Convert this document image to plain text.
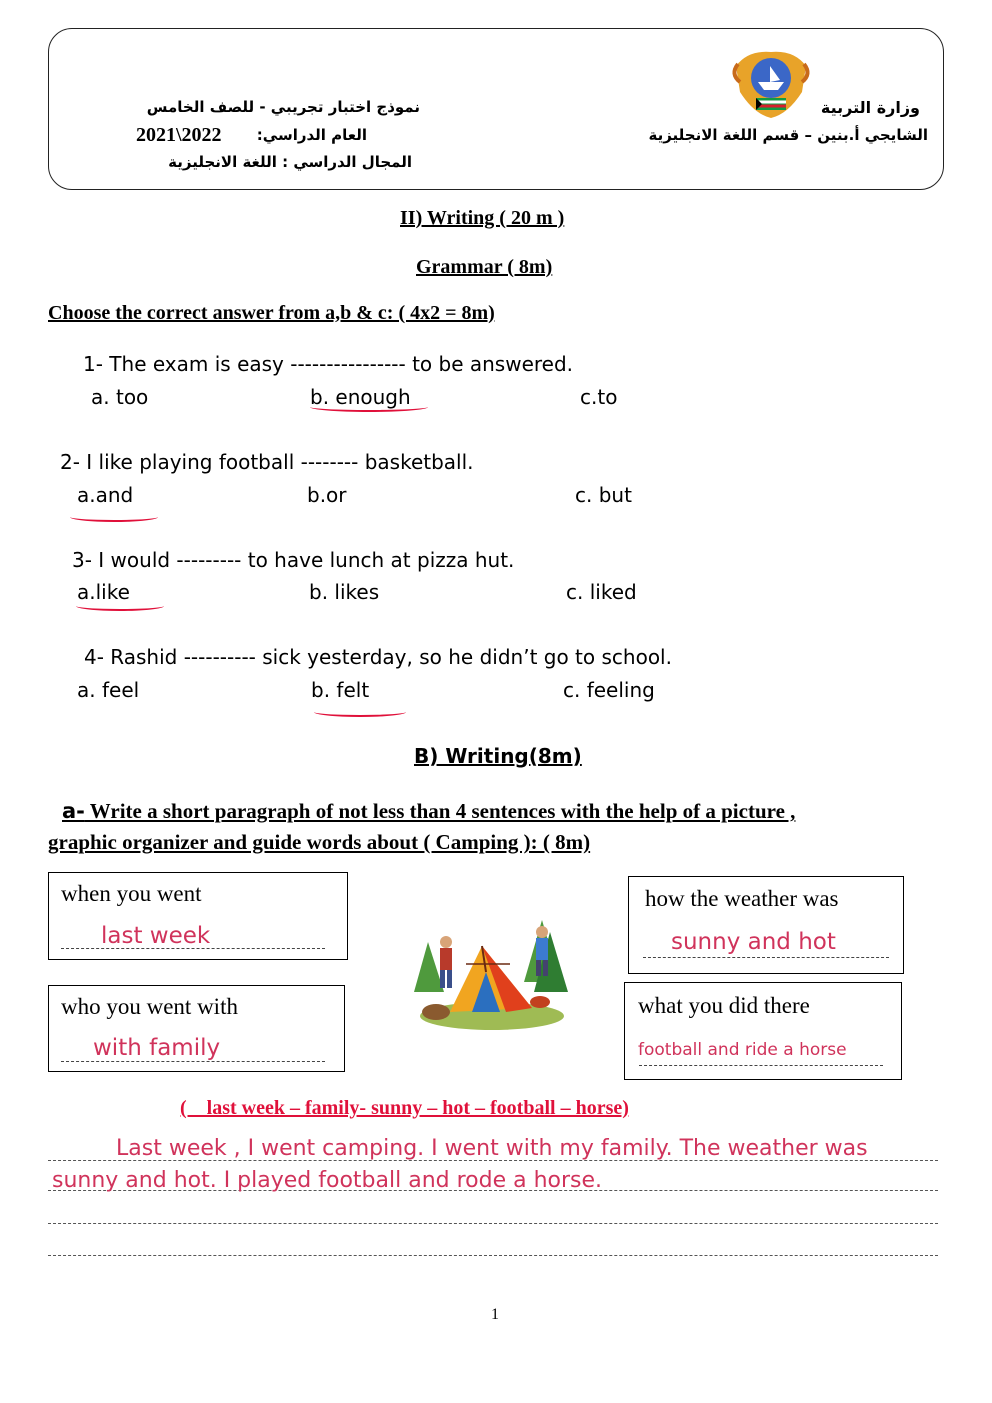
وزارة التربية
الشايجي أ.بنين – قسم اللغة الانجليزية
نموذج اختبار تجريبي - للصف الخامس
العام الدراسي:
2021\2022
المجال الدراسي : اللغة الانجليزية
II) Writing ( 20 m )
Grammar ( 8m)
Choose the correct answer from a,b & c: ( 4x2 = 8m)
1- The exam is easy ---------------- to be answered.
a. too	b. enough	c.to
2- I like playing football -------- basketball.
a.and	b.or	c. but
3- I would --------- to have lunch at pizza hut.
a.like	b. likes	c. liked
4- Rashid ---------- sick yesterday, so he didn’t go to school.
a. feel	b. felt	c. feeling
B) Writing(8m)
a- Write a short paragraph of not less than 4 sentences with the help of a picture ,
graphic organizer and guide words about ( Camping ): ( 8m)
when you went
last week
who you went with
with family
how the weather was
sunny and hot
what you did there
football and ride a horse
(    last week – family- sunny – hot – football – horse)
Last week , I went camping. I went with my family. The weather was
sunny and hot. I played football and rode a horse.
1
